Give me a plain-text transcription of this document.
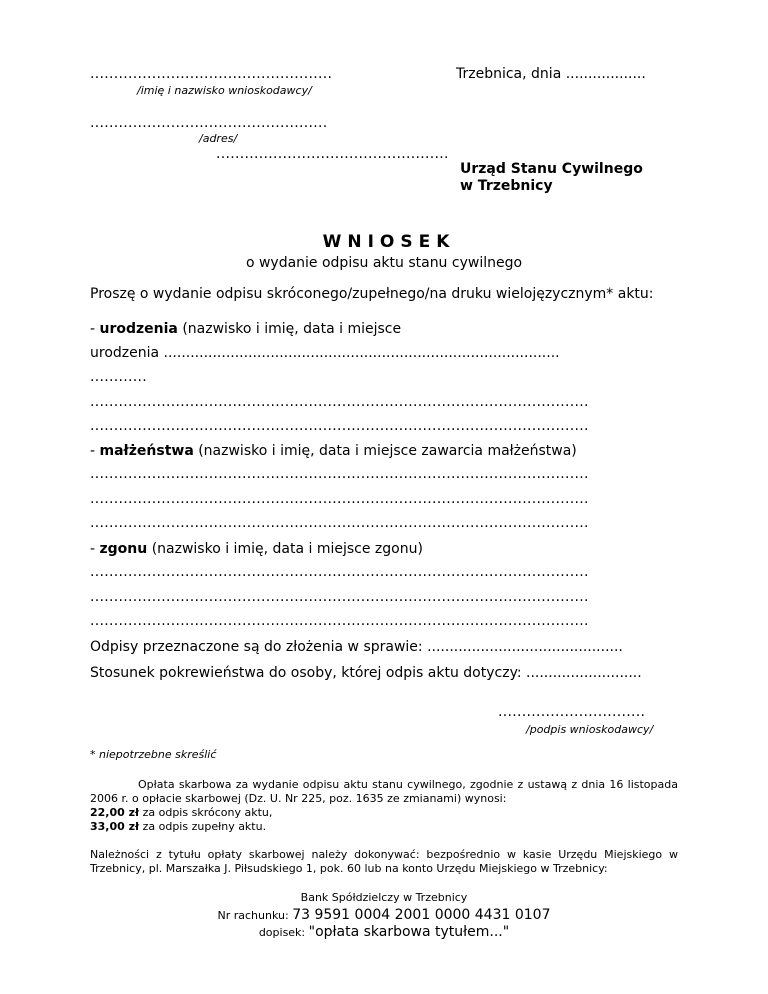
...................................................
/imię i nazwisko wnioskodawcy/
Trzebnica, dnia ..................
..................................................
/adres/
.................................................
Urząd Stanu Cywilnego
w Trzebnicy
WNIOSEK
o wydanie odpisu aktu stanu cywilnego
Proszę o wydanie odpisu skróconego/zupełnego/na druku wielojęzycznym* aktu:
- urodzenia (nazwisko i imię, data i miejsce
urodzenia .........................................................................................
............
.........................................................................................................
.........................................................................................................
- małżeństwa (nazwisko i imię, data i miejsce zawarcia małżeństwa)
.........................................................................................................
.........................................................................................................
.........................................................................................................
- zgonu (nazwisko i imię, data i miejsce zgonu)
.........................................................................................................
.........................................................................................................
.........................................................................................................
Odpisy przeznaczone są do złożenia w sprawie: ............................................
Stosunek pokrewieństwa do osoby, której odpis aktu dotyczy: ..........................
...............................
/podpis wnioskodawcy/
* niepotrzebne skreślić
Opłata skarbowa za wydanie odpisu aktu stanu cywilnego, zgodnie z ustawą z dnia 16 listopada 2006 r. o opłacie skarbowej (Dz. U. Nr 225, poz. 1635 ze zmianami) wynosi:
22,00 zł za odpis skrócony aktu,
33,00 zł za odpis zupełny aktu.
Należności z tytułu opłaty skarbowej należy dokonywać: bezpośrednio w kasie Urzędu Miejskiego w Trzebnicy, pl. Marszałka J. Piłsudskiego 1, pok. 60 lub na konto Urzędu Miejskiego w Trzebnicy:
Bank Spółdzielczy w Trzebnicy
Nr rachunku: 73 9591 0004 2001 0000 4431 0107
dopisek: "opłata skarbowa tytułem..."
